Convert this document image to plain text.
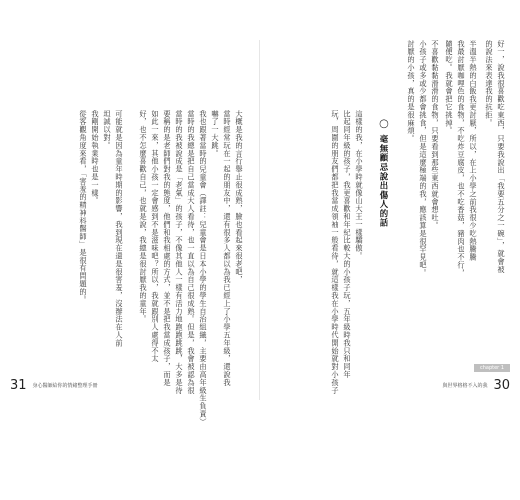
大概是我的言行舉止很成熟，臉也看起來很老吧，
當時經常玩在一起的朋友中，還有很多人都以為我已經上了小學五年級，還說我
嚇了一大跳。
我也跟著當時的兒童會（譯註：兒童會是日本小學的學生自治組織，主要由高年級生負責）
當時的我總是把自己當成大人看待，也一直以為自己很成熟。但是，我會被認為很
當時的我被說成是「老氣」的孩子，不像其他人一樣有活力地跑跑跳跳，大多是待
要稱的是老師們對我的態度，他們和我相處的方式，並不是把我當成孩子，而是
如此一來，其他小孩一定會感到不是滋味吧？所以，我就跟別人處得不太
好，也不怎麼喜歡自己，也就是說，我總是很討厭我的童年。
可能就是因為童年時期的影響，我到現在還是很害羞，沒辦法在人前
坦誠以對。
我剛開始執業時也是一樣。
從客觀角度來看，「害羞的精神科醫師」是很有問題的。
31 身心醫師給你的情緒整理手冊
好一，說我很喜歡吃東西，只要我說出「我要五分之一碗」，就會被
的說法來表達我的抗拒。
半溫半熱的白飯我更討厭，所以，在上小學之前我很少吃熱騰騰
我最討厭咖哩色的食物，不吃炸豆腐皮，也不吃香菇，豬肉也不行，
隨便吃。我就會把它挑掉。
不喜歡黏黏滑滑的食物，只要看到那些東西就會想吐。
小孩子或多或少都會挑食，但是這麼極端的我，應該算是很罕見吧。
討厭的小孩，真的是很麻煩。
◯ 毫無顧忌說出傷人的話
這樣的我，在小學時就像山大王一樣驕傲。
比起同年級的孩子，我更喜歡和年紀比較大的小孩子玩，五年級時我只和同年
玩，周圍的朋友們都把我當成領袖一般看待，就這樣我在小學時代開始就對小孩子	chapter 1
與世界格格不入的我 30
